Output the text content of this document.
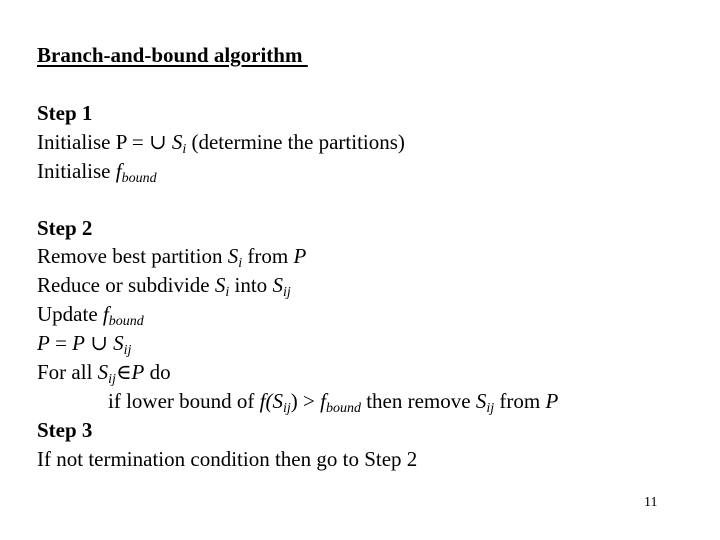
Branch-and-bound algorithm
Step 1
Initialise P = ∪ $S_i$ (determine the partitions)
Initialise $f_{bound}$
Step 2
Remove best partition $S_i$ from P
Reduce or subdivide $S_i$ into $S_{ij}$
Update $f_{bound}$
P = P ∪ $S_{ij}$
For all $S_{ij}\in P$ do
if lower bound of $f(S_{ij}) > f_{bound}$ then remove $S_{ij}$ from P
Step 3
If not termination condition then go to Step 2
11
